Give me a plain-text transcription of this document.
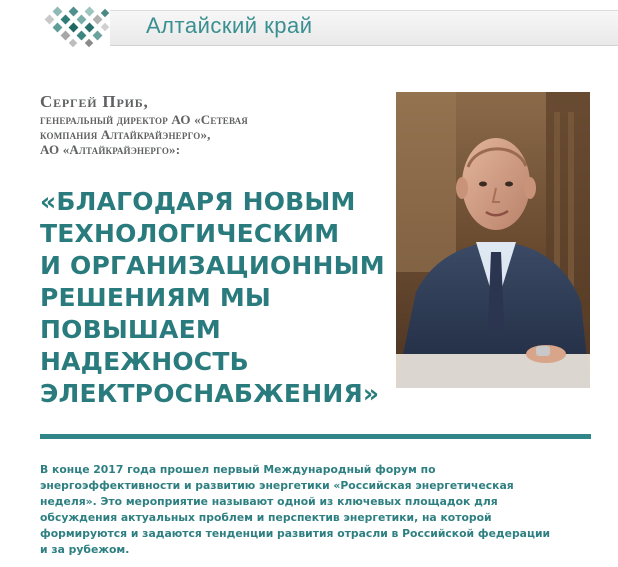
Алтайский край
Сергей Приб,
генеральный директор АО «Сетевая
компания Алтайкрайэнерго»,
АО «Алтайкрайэнерго»:
«БЛАГОДАРЯ НОВЫМ
ТЕХНОЛОГИЧЕСКИМ
И ОРГАНИЗАЦИОННЫМ
РЕШЕНИЯМ МЫ
ПОВЫШАЕМ
НАДЕЖНОСТЬ
ЭЛЕКТРОСНАБЖЕНИЯ»
В конце 2017 года прошел первый Международный форум по
энергоэффективности и развитию энергетики «Российская энергетическая
неделя». Это мероприятие называют одной из ключевых площадок для
обсуждения актуальных проблем и перспектив энергетики, на которой
формируются и задаются тенденции развития отрасли в Российской федерации
и за рубежом.
